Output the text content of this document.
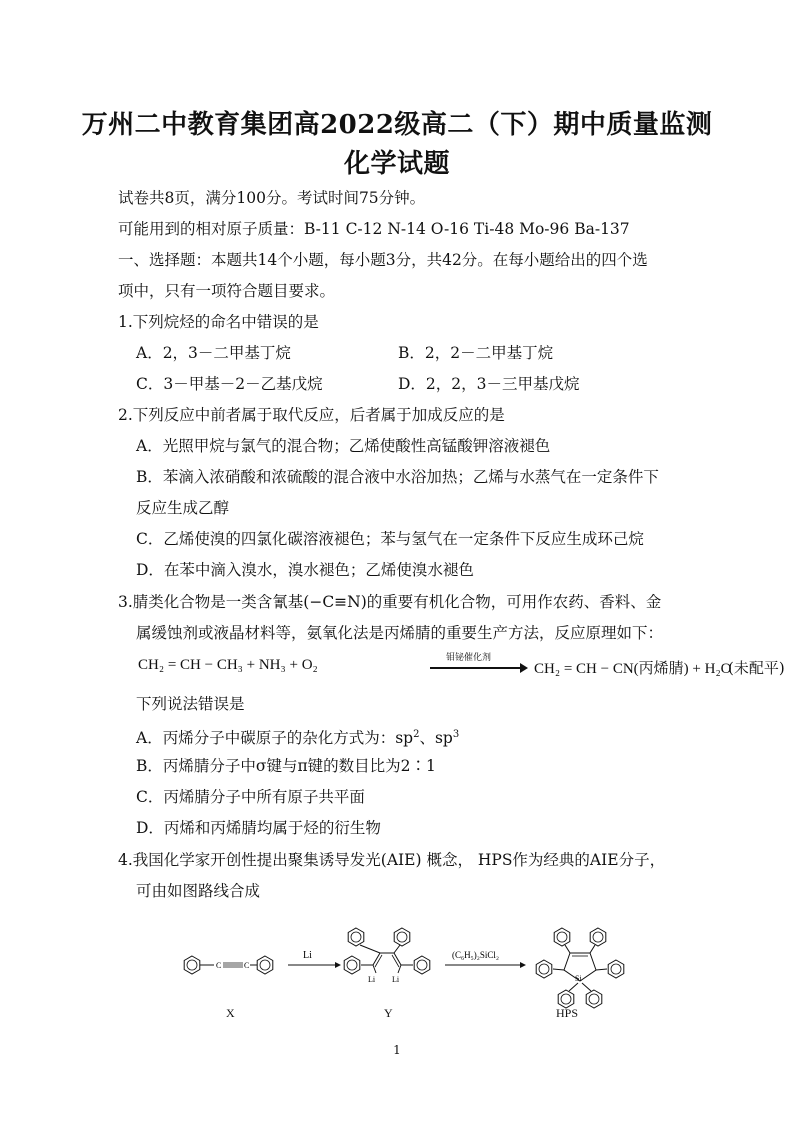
万州二中教育集团高2022级高二（下）期中质量监测
化学试题
试卷共8页，满分100分。考试时间75分钟。
可能用到的相对原子质量：B-11 C-12 N-14 O-16 Ti-48 Mo-96 Ba-137
一、选择题：本题共14个小题，每小题3分，共42分。在每小题给出的四个选
项中，只有一项符合题目要求。
1.下列烷烃的命名中错误的是
A．2，3－二甲基丁烷	B．2，2－二甲基丁烷
C．3－甲基－2－乙基戊烷	D．2，2，3－三甲基戊烷
2.下列反应中前者属于取代反应，后者属于加成反应的是
A．光照甲烷与氯气的混合物；乙烯使酸性高锰酸钾溶液褪色
B．苯滴入浓硝酸和浓硫酸的混合液中水浴加热；乙烯与水蒸气在一定条件下
反应生成乙醇
C．乙烯使溴的四氯化碳溶液褪色；苯与氢气在一定条件下反应生成环己烷
D．在苯中滴入溴水，溴水褪色；乙烯使溴水褪色
3.腈类化合物是一类含氰基(−C≡N)的重要有机化合物，可用作农药、香料、金
属缓蚀剂或液晶材料等，氨氧化法是丙烯腈的重要生产方法，反应原理如下：
CH₂ = CH − CH₃ + NH₃ + O₂	钼铋催化剂
CH₂ = CH − CN(丙烯腈) + H₂O
(未配平)
下列说法错误是
A．丙烯分子中碳原子的杂化方式为：$sp^2$、$sp^3$
B．丙烯腈分子中σ键与π键的数目比为2∶1
C．丙烯腈分子中所有原子共平面
D．丙烯和丙烯腈均属于烃的衍生物
4.我国化学家开创性提出聚集诱导发光(AIE) 概念， HPS作为经典的AIE分子，
可由如图路线合成
C	C
Li
Li Li
(C₆H₅)₂SiCl₂
Si
X	Y	HPS
1
